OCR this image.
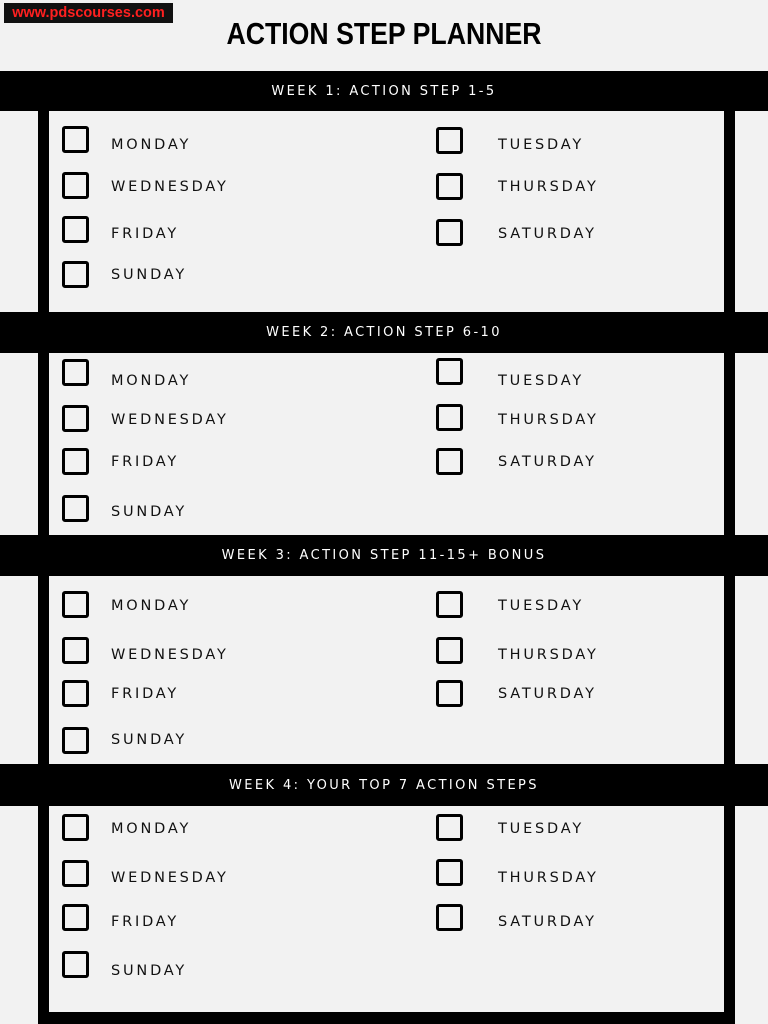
www.pdscourses.com
ACTION STEP PLANNER
WEEK 1: ACTION STEP 1-5
MONDAY	TUESDAY
WEDNESDAY	THURSDAY
FRIDAY	SATURDAY
SUNDAY
WEEK 2: ACTION STEP 6-10
MONDAY	TUESDAY
WEDNESDAY	THURSDAY
FRIDAY	SATURDAY
SUNDAY
WEEK 3: ACTION STEP 11-15+ BONUS
MONDAY	TUESDAY
WEDNESDAY	THURSDAY
FRIDAY	SATURDAY
SUNDAY
WEEK 4: YOUR TOP 7 ACTION STEPS
MONDAY	TUESDAY
WEDNESDAY	THURSDAY
FRIDAY	SATURDAY
SUNDAY
